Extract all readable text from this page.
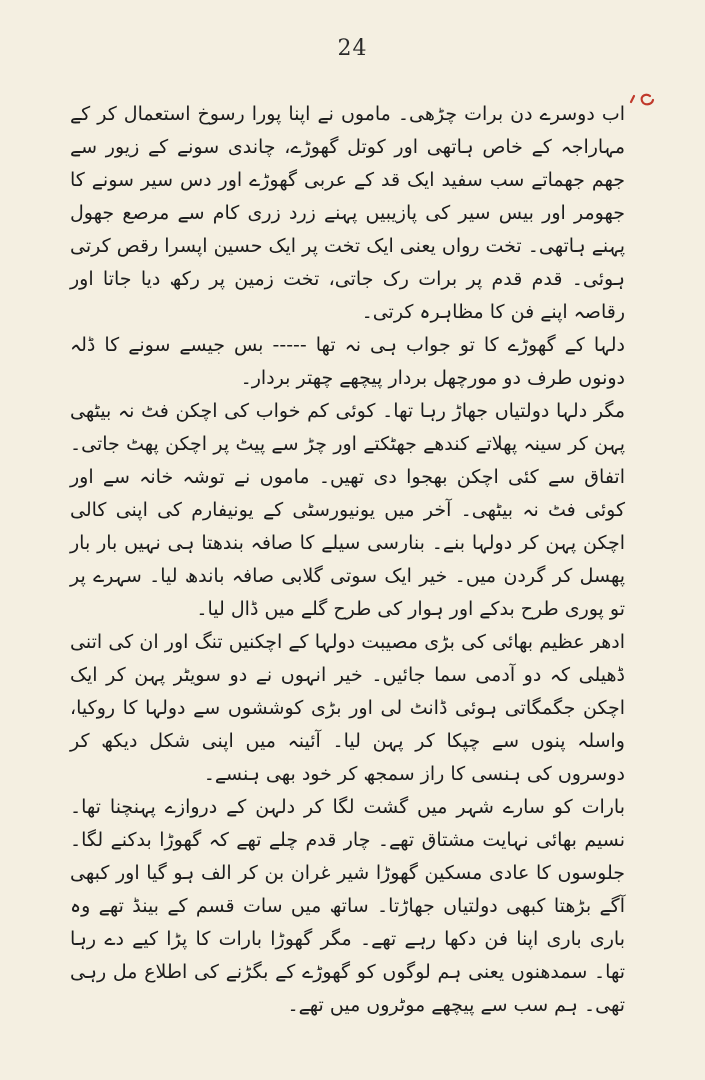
24

اب دوسرے دن برات چڑھی۔ ماموں نے اپنا پورا رسوخ استعمال کر کے مہاراجہ کے خاص ہاتھی اور کوتل گھوڑے، چاندی سونے کے زیور سے جھم جھماتے سب سفید ایک قد کے عربی گھوڑے اور دس سیر سونے کا جھومر اور بیس سیر کی پازیبیں پہنے زرد زری کام سے مرصع جھول پہنے ہاتھی۔ تخت رواں یعنی ایک تخت پر ایک حسین اپسرا رقص کرتی ہوئی۔ قدم قدم پر برات رک جاتی، تخت زمین پر رکھ دیا جاتا اور رقاصہ اپنے فن کا مظاہرہ کرتی۔

دلہا کے گھوڑے کا تو جواب ہی نہ تھا ----- بس جیسے سونے کا ڈلہ دونوں طرف دو مورچھل بردار پیچھے چھتر بردار۔

مگر دلہا دولتیاں جھاڑ رہا تھا۔ کوئی کم خواب کی اچکن فٹ نہ بیٹھی پہن کر سینہ پھلاتے کندھے جھٹکتے اور چڑ سے پیٹ پر اچکن پھٹ جاتی۔ اتفاق سے کئی اچکن بھجوا دی تھیں۔ ماموں نے توشہ خانہ سے اور کوئی فٹ نہ بیٹھی۔ آخر میں یونیورسٹی کے یونیفارم کی اپنی کالی اچکن پہن کر دولہا بنے۔ بنارسی سیلے کا صافہ بندھتا ہی نہیں بار بار پھسل کر گردن میں۔ خیر ایک سوتی گلابی صافہ باندھ لیا۔ سہرے پر تو پوری طرح بدکے اور ہوار کی طرح گلے میں ڈال لیا۔

ادھر عظیم بھائی کی بڑی مصیبت دولہا کے اچکنیں تنگ اور ان کی اتنی ڈھیلی کہ دو آدمی سما جائیں۔ خیر انہوں نے دو سویٹر پہن کر ایک اچکن جگمگاتی ہوئی ڈانٹ لی اور بڑی کوششوں سے دولہا کا روکیا، واسلہ پنوں سے چپکا کر پہن لیا۔ آئینہ میں اپنی شکل دیکھ کر دوسروں کی ہنسی کا راز سمجھ کر خود بھی ہنسے۔

بارات کو سارے شہر میں گشت لگا کر دلہن کے دروازے پہنچنا تھا۔ نسیم بھائی نہایت مشتاق تھے۔ چار قدم چلے تھے کہ گھوڑا بدکنے لگا۔ جلوسوں کا عادی مسکین گھوڑا شیر غران بن کر الف ہو گیا اور کبھی آگے بڑھتا کبھی دولتیاں جھاڑتا۔ ساتھ میں سات قسم کے بینڈ تھے وہ باری باری اپنا فن دکھا رہے تھے۔ مگر گھوڑا بارات کا پڑا کیے دے رہا تھا۔ سمدھنوں یعنی ہم لوگوں کو گھوڑے کے بگڑنے کی اطلاع مل رہی تھی۔ ہم سب سے پیچھے موٹروں میں تھے۔
